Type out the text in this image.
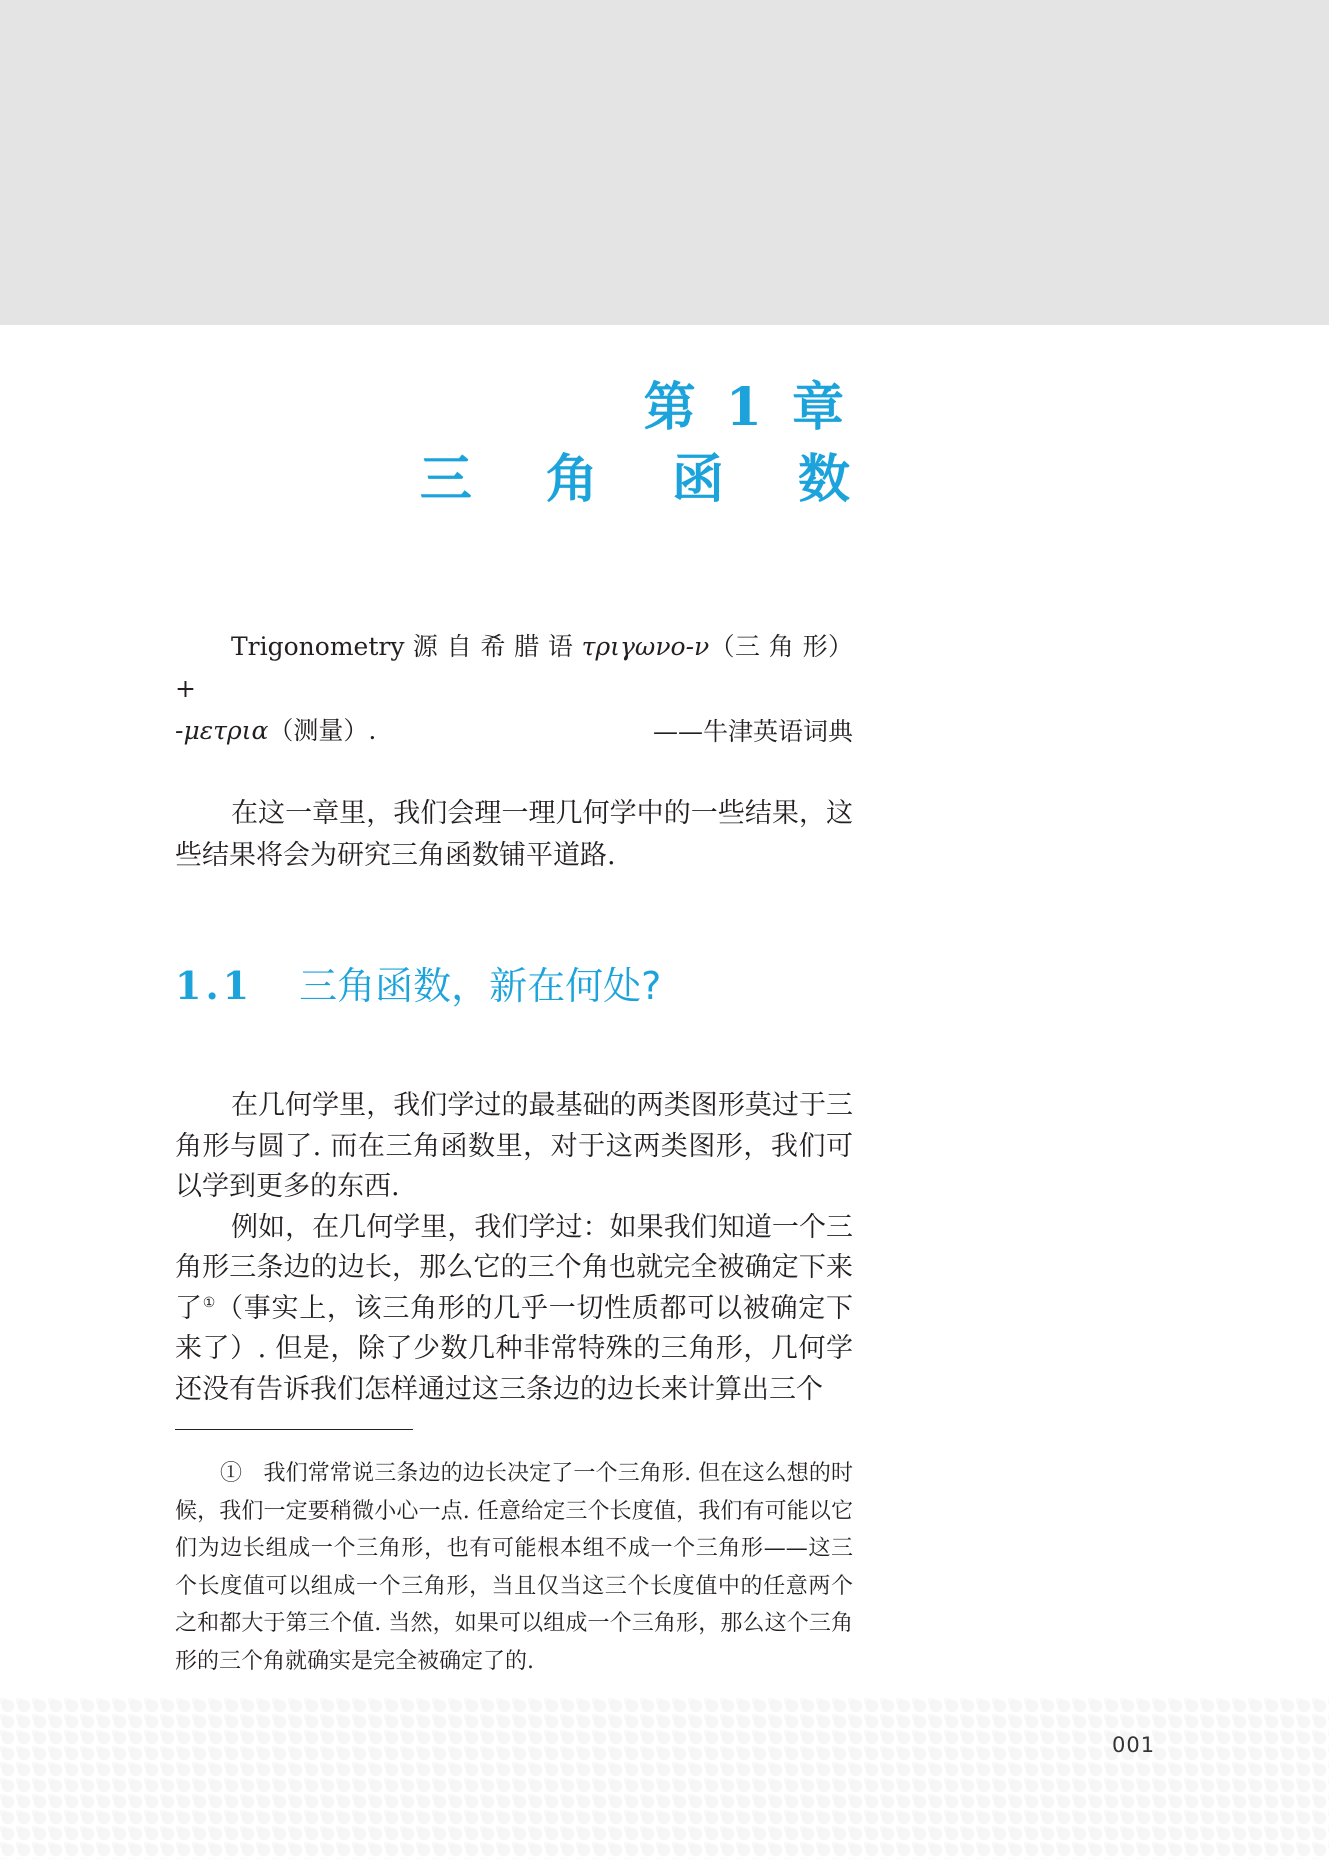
第 1 章
三 角 函 数

Trigonometry 源 自 希 腊 语 τριγωνο-ν（三 角 形）+
-μετρια（测量）.	——牛津英语词典

在这一章里，我们会理一理几何学中的一些结果，这些结果将会为研究三角函数铺平道路.

1.1 三角函数，新在何处?

在几何学里，我们学过的最基础的两类图形莫过于三角形与圆了. 而在三角函数里，对于这两类图形，我们可以学到更多的东西.

例如，在几何学里，我们学过：如果我们知道一个三角形三条边的边长，那么它的三个角也就完全被确定下来了①（事实上，该三角形的几乎一切性质都可以被确定下来了）. 但是，除了少数几种非常特殊的三角形，几何学还没有告诉我们怎样通过这三条边的边长来计算出三个

① 我们常常说三条边的边长决定了一个三角形. 但在这么想的时候，我们一定要稍微小心一点. 任意给定三个长度值，我们有可能以它们为边长组成一个三角形，也有可能根本组不成一个三角形——这三个长度值可以组成一个三角形，当且仅当这三个长度值中的任意两个之和都大于第三个值. 当然，如果可以组成一个三角形，那么这个三角形的三个角就确实是完全被确定了的.

001
